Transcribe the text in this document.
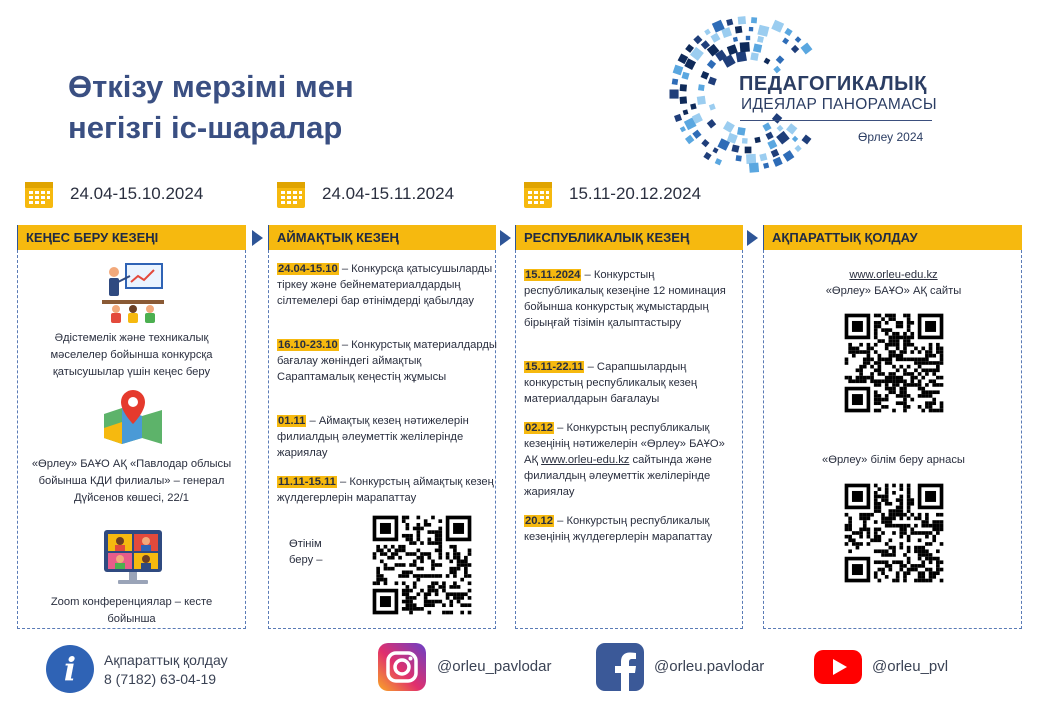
Өткізу мерзімі мен
негізгі іс-шаралар
ПЕДАГОГИКАЛЫҚ
ИДЕЯЛАР ПАНОРАМАСЫ
Өрлеу 2024
24.04-15.10.2024	24.04-15.11.2024	15.11-20.12.2024
КЕҢЕС БЕРУ КЕЗЕҢІ	АЙМАҚТЫҚ КЕЗЕҢ	РЕСПУБЛИКАЛЫҚ КЕЗЕҢ	АҚПАРАТТЫҚ ҚОЛДАУ
Әдістемелік және техникалық мәселелер бойынша конкурсқа қатысушылар үшін кеңес беру
«Өрлеу» БАҰО АҚ «Павлодар облысы бойынша КДИ филиалы» – генерал Дүйсенов көшесі, 22/1
Zoom конференциялар – кесте бойынша
24.04-15.10 – Конкурсқа қатысушыларды тіркеу және бейнематериалдардың сілтемелері бар өтінімдерді қабылдау
16.10-23.10 – Конкурстық материалдарды бағалау жөніндегі аймақтық Сараптамалық кеңестің жұмысы
01.11 – Аймақтық кезең нәтижелерін филиалдың әлеуметтік желілерінде жариялау
11.11-15.11 – Конкурстың аймақтық кезең жүлдегерлерін марапаттау
Өтінім
беру –
15.11.2024 – Конкурстың республикалық кезеңіне 12 номинация бойынша конкурстық жұмыстардың бірыңғай тізімін қалыптастыру
15.11-22.11 – Сарапшылардың конкурстың республикалық кезең материалдарын бағалауы
02.12 – Конкурстың республикалық кезеңінің нәтижелерін «Өрлеу» БАҰО» АҚ www.orleu-edu.kz сайтында және филиалдың әлеуметтік желілерінде жариялау
20.12 – Конкурстың республикалық кезеңінің жүлдегерлерін марапаттау
www.orleu-edu.kz
«Өрлеу» БАҰО» АҚ сайты
«Өрлеу» білім беру арнасы
i	Ақпараттық қолдау
8 (7182) 63-04-19
@orleu_pavlodar	@orleu.pavlodar	@orleu_pvl
